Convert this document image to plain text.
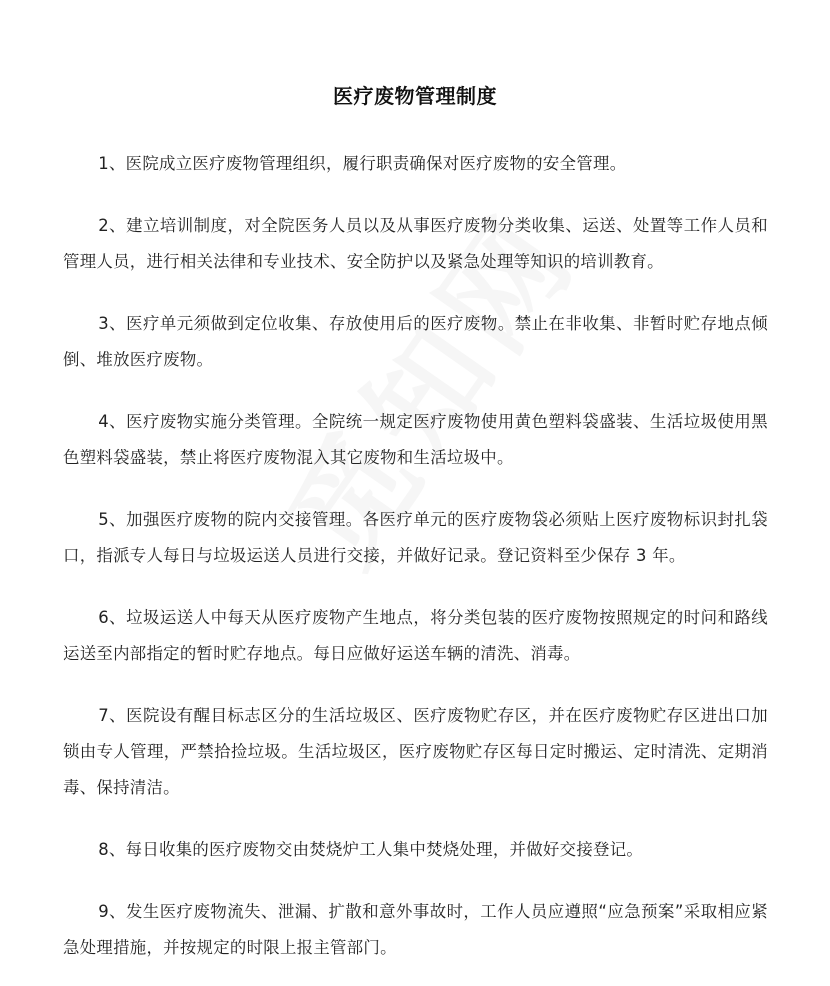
医疗废物管理制度

1、医院成立医疗废物管理组织，履行职责确保对医疗废物的安全管理。

2、建立培训制度，对全院医务人员以及从事医疗废物分类收集、运送、处置等工作人员和管理人员，进行相关法律和专业技术、安全防护以及紧急处理等知识的培训教育。

3、医疗单元须做到定位收集、存放使用后的医疗废物。禁止在非收集、非暂时贮存地点倾倒、堆放医疗废物。

4、医疗废物实施分类管理。全院统一规定医疗废物使用黄色塑料袋盛装、生活垃圾使用黑色塑料袋盛装，禁止将医疗废物混入其它废物和生活垃圾中。

5、加强医疗废物的院内交接管理。各医疗单元的医疗废物袋必须贴上医疗废物标识封扎袋口，指派专人每日与垃圾运送人员进行交接，并做好记录。登记资料至少保存 3 年。

6、垃圾运送人中每天从医疗废物产生地点，将分类包装的医疗废物按照规定的时问和路线运送至内部指定的暂时贮存地点。每日应做好运送车辆的清洗、消毒。

7、医院设有醒目标志区分的生活垃圾区、医疗废物贮存区，并在医疗废物贮存区进出口加锁由专人管理，严禁拾捡垃圾。生活垃圾区，医疗废物贮存区每日定时搬运、定时清洗、定期消毒、保持清洁。

8、每日收集的医疗废物交由焚烧炉工人集中焚烧处理，并做好交接登记。

9、发生医疗废物流失、泄漏、扩散和意外事故时，工作人员应遵照“应急预案”采取相应紧急处理措施，并按规定的时限上报主管部门。
